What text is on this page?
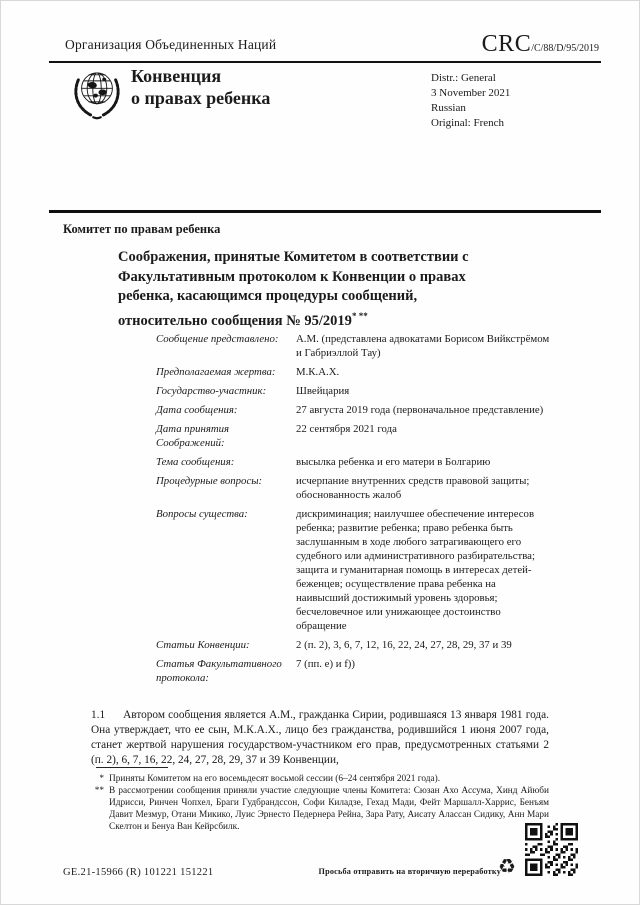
Организация Объединенных Наций	CRC/C/88/D/95/2019
Конвенция
о правах ребенка
Distr.: General
3 November 2021
Russian
Original: French
Комитет по правам ребенка
Соображения, принятые Комитетом в соответствии с Факультативным протоколом к Конвенции о правах ребенка, касающимся процедуры сообщений, относительно сообщения № 95/2019* **
Сообщение представлено:	А.М. (представлена адвокатами Борисом Вийкстрёмом и Габриэллой Тау)
Предполагаемая жертва:	М.К.А.Х.
Государство-участник:	Швейцария
Дата сообщения:	27 августа 2019 года (первоначальное представление)
Дата принятия Соображений:
22 сентября 2021 года
Тема сообщения:	высылка ребенка и его матери в Болгарию
Процедурные вопросы:	исчерпание внутренних средств правовой защиты; обоснованность жалоб
Вопросы существа:	дискриминация; наилучшее обеспечение интересов ребенка; развитие ребенка; право ребенка быть заслушанным в ходе любого затрагивающего его судебного или административного разбирательства; защита и гуманитарная помощь в интересах детей-беженцев; осуществление права ребенка на наивысший достижимый уровень здоровья; бесчеловечное или унижающее достоинство обращение
Статьи Конвенции:	2 (п. 2), 3, 6, 7, 12, 16, 22, 24, 27, 28, 29, 37 и 39
Статья Факультативного протокола:
7 (пп. e) и f))
1.1 Автором сообщения является А.М., гражданка Сирии, родившаяся 13 января 1981 года. Она утверждает, что ее сын, М.К.А.Х., лицо без гражданства, родившийся 1 июня 2007 года, станет жертвой нарушения государством-участником его прав, предусмотренных статьями 2 (п. 2), 6, 7, 16, 22, 24, 27, 28, 29, 37 и 39 Конвенции,
* Приняты Комитетом на его восемьдесят восьмой сессии (6–24 сентября 2021 года).
** В рассмотрении сообщения приняли участие следующие члены Комитета: Сюзан Ахо Ассума, Хинд Айюби Идрисси, Ринчен Чопхел, Браги Гудбрандссон, Софи Киладзе, Гехад Мади, Фейт Маршалл-Харрис, Бенъям Давит Мезмур, Отани Микико, Луис Эрнесто Педернера Рейна, Зара Рату, Аисату Алассан Сидику, Анн Мари Скелтон и Бенуа Ван Кейрсбилк.
GE.21-15966 (R) 101221 151221	Просьба отправить на вторичную переработку
♻
